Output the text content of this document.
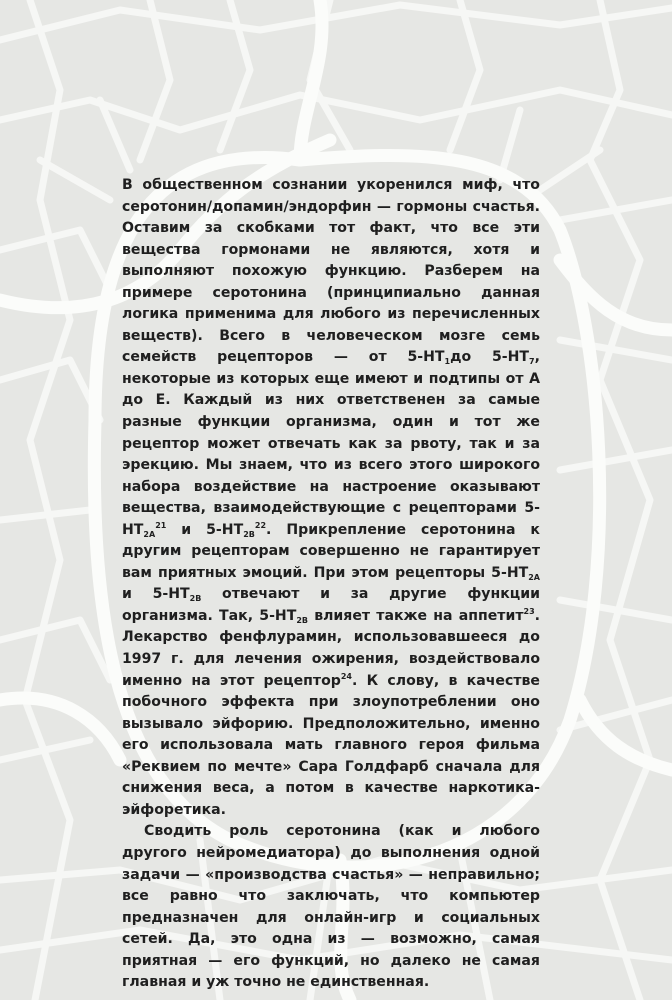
В общественном сознании укоренился миф, что серотонин/допамин/эндорфин — гормоны счастья. Оставим за скобками тот факт, что все эти вещества гормонами не являются, хотя и выполняют похожую функцию. Разберем на примере серотонина (принципиально данная логика применима для любого из перечисленных веществ). Всего в человеческом мозге семь семейств рецепторов — от $5-НТ_1до$ $5-НТ_7$, некоторые из которых еще имеют и подтипы от А до Е. Каждый из них ответственен за самые разные функции организма, один и тот же рецептор может отвечать как за рвоту, так и за эрекцию. Мы знаем, что из всего этого широкого набора воздействие на настроение оказывают вещества, взаимодействующие с рецепторами $5-НТ_{2А}^{21}$ и $5-НТ_{2В}^{22}$. Прикрепление серотонина к другим рецепторам совершенно не гарантирует вам приятных эмоций. При этом рецепторы $5-НТ_{2А}$ и $5-НТ_{2В}$ отвечают и за другие функции организма. Так, $5-НТ_{2В}$ влияет также на аппетит$^{23}$. Лекарство фенфлурамин, использовавшееся до 1997 г. для лечения ожирения, воздействовало именно на этот рецептор$^{24}$. К слову, в качестве побочного эффекта при злоупотреблении оно вызывало эйфорию. Предположительно, именно его использовала мать главного героя фильма «Реквием по мечте» Сара Голдфарб сначала для снижения веса, а потом в качестве наркотика-эйфоретика.

Сводить роль серотонина (как и любого другого нейромедиатора) до выполнения одной задачи — «производства счастья» — неправильно; все равно что заключать, что компьютер предназначен для онлайн-игр и социальных сетей. Да, это одна из — возможно, самая приятная — его функций, но далеко не самая главная и уж точно не единственная.
